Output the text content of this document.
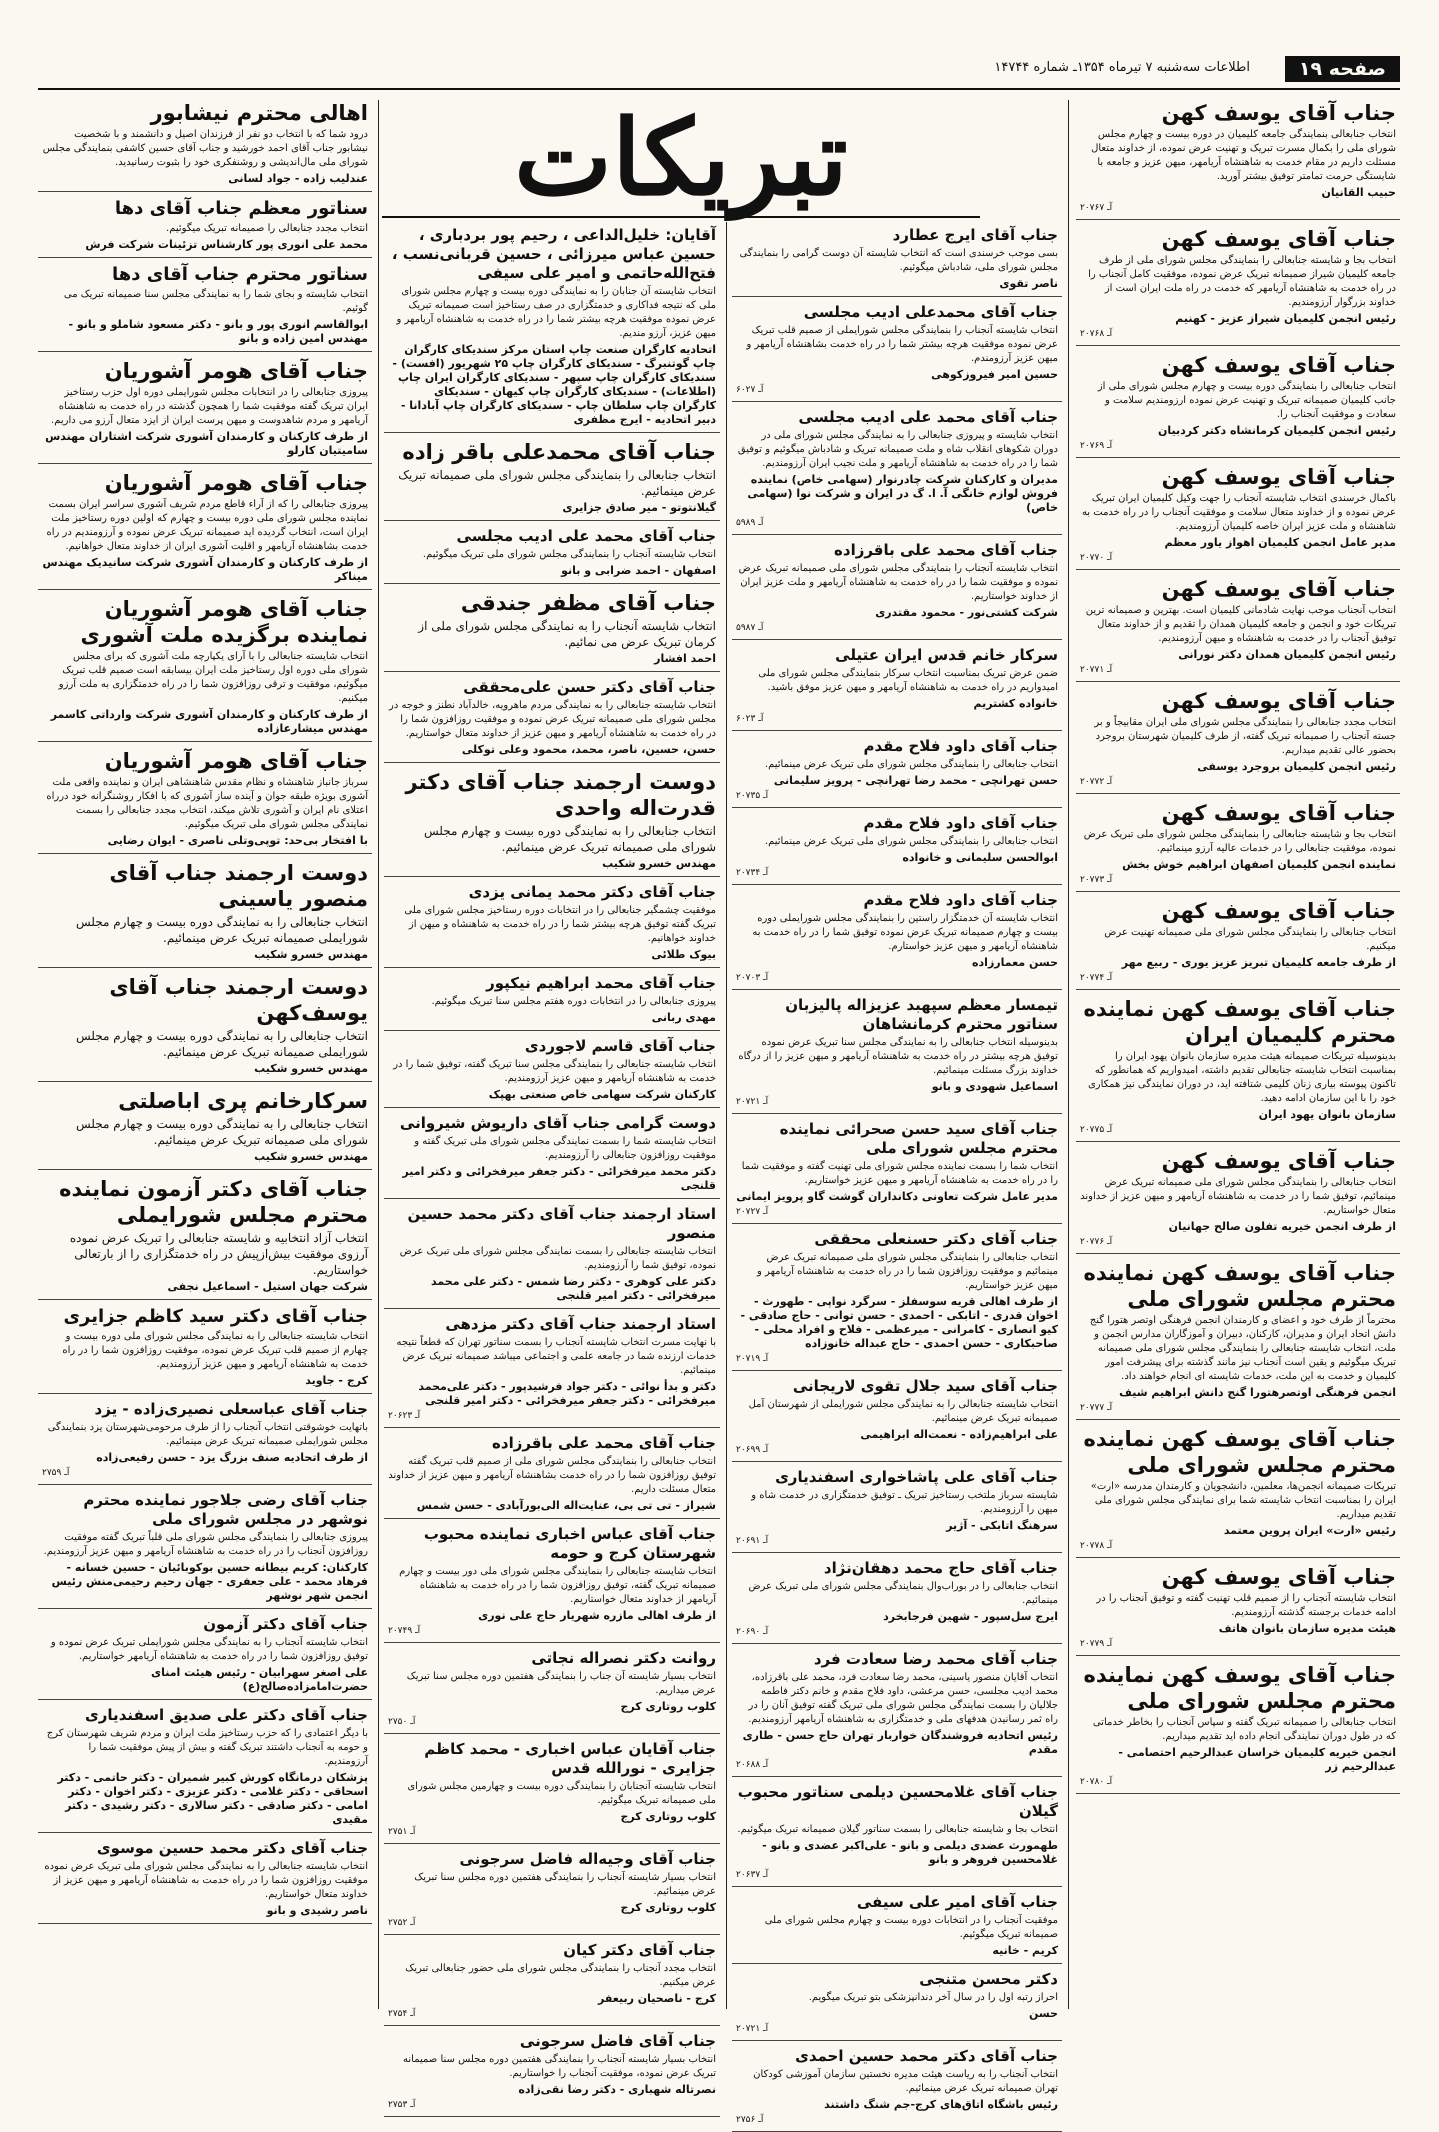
صفحه ۱۹
اطلاعات سه‌شنبه ۷ تیرماه ۱۳۵۴ـ شماره ۱۴۷۴۴
تبریکات	جناب آقای یوسف کهن

انتخاب جنابعالی بنمایندگی جامعه کلیمیان در دوره بیست و چهارم مجلس شورای ملی را بکمال مسرت تبریک و تهنیت عرض نموده، از خداوند متعال مسئلت داریم در مقام خدمت به شاهنشاه آریامهر، میهن عزیز و جامعه با شایستگی حرمت تمامتر توفیق بیشتر آورید.

حبیب القانیان
آـ ۲۰۷۶۷
جناب آقای یوسف کهن

انتخاب بجا و شایسته جنابعالی را بنمایندگی مجلس شورای ملی از طرف جامعه کلیمیان شیراز صمیمانه تبریک عرض نموده، موفقیت کامل آنجناب را در راه خدمت به شاهنشاه آریامهر که خدمت در راه ملت ایران است از خداوند بزرگوار آرزومندیم.

رئیس انجمن کلیمیان شیراز عزیز - کهنیم
آـ ۲۰۷۶۸
جناب آقای یوسف کهن

انتخاب جنابعالی را بنمایندگی دوره بیست و چهارم مجلس شورای ملی از جانب کلیمیان صمیمانه تبریک و تهنیت عرض نموده ارزومندیم سلامت و سعادت و موفقیت آنجناب را.

رئیس انجمن کلیمیان کرمانشاه دکتر کردبیان
آـ ۲۰۷۶۹
جناب آقای یوسف کهن

باکمال خرسندی انتخاب شایسته آنجناب را جهت وکیل کلیمیان ایران تبریک عرض نموده و از خداوند متعال سلامت و موفقیت آنجناب را در راه خدمت به شاهنشاه و ملت عزیز ایران خاصه کلیمیان آرزومندیم.

مدیر عامل انجمن کلیمیان اهواز یاور معظم
آـ ۲۰۷۷۰
جناب آقای یوسف کهن

انتخاب آنجناب موجب نهایت شادمانی کلیمیان است. بهترین و صمیمانه ترین تبریکات خود و انجمن و جامعه کلیمیان همدان را تقدیم و از خداوند متعال توفیق آنجناب را در خدمت به شاهنشاه و میهن آرزومندیم.

رئیس انجمن کلیمیان همدان دکتر نورانی
آـ ۲۰۷۷۱
جناب آقای یوسف کهن

انتخاب مجدد جنابعالی را بنمایندگی مجلس شورای ملی ایران مقابیجاً و بر جسته آنجناب را صمیمانه تبریک گفته، از طرف کلیمیان شهرستان بروجرد بحضور عالی تقدیم میداریم.

رئیس انجمن کلیمیان بروجرد یوسفی
آـ ۲۰۷۷۲
جناب آقای یوسف کهن

انتخاب بجا و شایسته جنابعالی را بنمایندگی مجلس شورای ملی تبریک عرض نموده، موفقیت جنابعالی را در خدمات عالیه آرزو مینمائیم.

نماینده انجمن کلیمیان اصفهان ابراهیم خوش بخش
آـ ۲۰۷۷۳
جناب آقای یوسف کهن

انتخاب جنابعالی را بنمایندگی مجلس شورای ملی صمیمانه تهنیت عرض میکنیم.

از طرف جامعه کلیمیان تبریز عزیز یوری - ربیع مهر
آـ ۲۰۷۷۴
جناب آقای یوسف کهن نماینده محترم کلیمیان ایران

بدینوسیله تبریکات صمیمانه هیئت مدیره سازمان بانوان یهود ایران را بمناسبت انتخاب شایسته جنابعالی تقدیم داشته، امیدواریم که همانطور که تاکنون پیوسته بیاری زنان کلیمی شتافته اید، در دوران نمایندگی نیز همکاری خود را با این سازمان ادامه دهید.

سازمان بانوان یهود ایران
آـ ۲۰۷۷۵
جناب آقای یوسف کهن

انتخاب جنابعالی را بنمایندگی مجلس شورای ملی صمیمانه تبریک عرض مینمائیم، توفیق شما را در خدمت به شاهنشاه آریامهر و میهن عزیز از خداوند متعال خواستاریم.

از طرف انجمن خیریه تفلون صالح جهانیان
آـ ۲۰۷۷۶
جناب آقای یوسف کهن نماینده محترم مجلس شورای ملی

محترماً از طرف خود و اعضای و کارمندان انجمن فرهنگی اوتصر هتورا گنج دانش اتحاد ایران و مدیران، کارکنان، دبیران و آموزگاران مدارس انجمن و ملت، انتخاب شایسته جنابعالی را بنمایندگی مجلس شورای ملی صمیمانه تبریک میگوئیم و یقین است آنجناب نیز مانند گذشته برای پیشرفت امور کلیمیان و خدمت به این ملت، خدمات شایسته ای انجام خواهند داد.

انجمن فرهنگی اوتصرهتورا گنج دانش ابراهیم شیف
آـ ۲۰۷۷۷
جناب آقای یوسف کهن نماینده محترم مجلس شورای ملی

تبریکات صمیمانه انجمن‌ها، معلمین، دانشجویان و کارمندان مدرسه «ارت» ایران را بمناسبت انتخاب شایسته شما برای نمایندگی مجلس شورای ملی تقدیم میداریم.

رئیس «ارت» ایران پروین معتمد
آـ ۲۰۷۷۸
جناب آقای یوسف کهن

انتخاب شایسته آنجناب را از صمیم قلب تهنیت گفته و توفیق آنجناب را در ادامه خدمات برجسته گذشته آرزومندیم.

هیئت مدیره سازمان بانوان هاتف
آـ ۲۰۷۷۹
جناب آقای یوسف کهن نماینده محترم مجلس شورای ملی

انتخاب جنابعالی را صمیمانه تبریک گفته و سپاس آنجناب را بخاطر خدماتی که در طول دوران نمایندگی انجام داده اید تقدیم میداریم.

انجمن خیریه کلیمیان خراسان عبدالرحیم احتصامی - عبدالرحیم زر
آـ ۲۰۷۸۰
جناب آقای ایرج عطارد

بسی موجب خرسندی است که انتخاب شایسته آن دوست گرامی را بنمایندگی مجلس شورای ملی، شادباش میگوئیم.

ناصر تقوی
جناب آقای محمدعلی ادیب مجلسی

انتخاب شایسته آنجناب را بنمایندگی مجلس شورایملی از صمیم قلب تبریک عرض نموده موفقیت هرچه بیشتر شما را در راه خدمت بشاهنشاه آریامهر و میهن عزیز آرزومندم.

حسین امیر فیروزکوهی
آـ ۶۰۲۷
جناب آقای محمد علی ادیب مجلسی

انتخاب شایسته و پیروزی جنابعالی را به نمایندگی مجلس شورای ملی در دوران شکوهای انقلاب شاه و ملت صمیمانه تبریک و شادباش میگوئیم و توفیق شما را در راه خدمت به شاهنشاه آریامهر و ملت نجیب ایران آرزومندیم.

مدیران و کارکنان شرکت چادرنوار (سهامی خاص) نماینده فروش لوازم خانگی آ. ا. گ در ایران و شرکت نوا (سهامی خاص)
آـ ۵۹۸۹
جناب آقای محمد علی باقرزاده

انتخاب شایسته آنجناب را بنمایندگی مجلس شورای ملی صمیمانه تبریک عرض نموده و موفقیت شما را در راه خدمت به شاهنشاه آریامهر و ملت عزیز ایران از خداوند خواستاریم.

شرکت کشتی‌نور - محمود مقتدری
آـ ۵۹۸۷
سرکار خانم قدس ایران عتیلی

ضمن عرض تبریک بمناسبت انتخاب سرکار بنمایندگی مجلس شورای ملی امیدواریم در راه خدمت به شاهنشاه آریامهر و میهن عزیز موفق باشید.

خانواده کشتریم
آـ ۶۰۲۳
جناب آقای داود فلاح مقدم

انتخاب جنابعالی را بنمایندگی مجلس شورای ملی تبریک عرض مینمائیم.

حسن تهرانچی - محمد رضا تهرانچی - پرویز سلیمانی
آـ ۲۰۷۳۵
جناب آقای داود فلاح مقدم

انتخاب جنابعالی را بنمایندگی مجلس شورای ملی تبریک عرض مینمائیم.

ابوالحسن سلیمانی و خانواده
آـ ۲۰۷۳۴
جناب آقای داود فلاح مقدم

انتخاب شایسته آن خدمتگزار راستین را بنمایندگی مجلس شورایملی دوره بیست و چهارم صمیمانه تبریک عرض نموده توفیق شما را در راه خدمت به شاهنشاه آریامهر و میهن عزیز خواستارم.

حسن معمارزاده
آـ ۲۰۷۰۳
تیمسار معظم سپهبد عزیزاله پالیزبان سناتور محترم کرمانشاهان

بدینوسیله انتخاب جنابعالی را به نمایندگی مجلس سنا تبریک عرض نموده توفیق هرچه بیشتر در راه خدمت به شاهنشاه آریامهر و میهن عزیز را از درگاه خداوند بزرگ مسئلت مینمائیم.

اسماعیل شهودی و بانو
آـ ۲۰۷۲۱
جناب آقای سید حسن صحرائی نماینده محترم مجلس شورای ملی

انتخاب شما را بسمت نماینده مجلس شورای ملی تهنیت گفته و موفقیت شما را در راه خدمت به شاهنشاه آریامهر و میهن عزیز خواستاریم.

مدیر عامل شرکت تعاونی دکانداران گوشت گاو پرویز ایمانی
آـ ۲۰۷۲۷
جناب آقای دکتر حسنعلی محققی

انتخاب جنابعالی را بنمایندگی مجلس شورای ملی صمیمانه تبریک عرض مینمائیم و موفقیت روزافزون شما را در راه خدمت به شاهنشاه آریامهر و میهن عزیز خواستاریم.

از طرف اهالی قریه سوسفلز - سرگرد نواپی - طهورث - اخوان قدری - اتابکی - احمدی - حسن توانی - حاج صادقی - کیو انصاری - کامرانی - میرعظمی - فلاح و افراد محلی - صاحبکاری - حسن احمدی - حاج عبداله خانوزاده
آـ ۲۰۷۱۹
جناب آقای سید جلال تقوی لاریجانی

انتخاب شایسته جنابعالی را به نمایندگی مجلس شورایملی از شهرستان آمل صمیمانه تبریک عرض مینمائیم.

علی ابراهیم‌زاده - نعمت‌اله ابراهیمی
آـ ۲۰۶۹۹
جناب آقای علی پاشاخواری اسفندیاری

شایسته سرباز ملتخب رستاخیز تبریک ـ توفیق خدمتگزاری در خدمت شاه و میهن را آرزومندیم.

سرهنگ اتابکی - آژیر
آـ ۲۰۶۹۱
جناب آقای حاج محمد دهقان‌نژاد

انتخاب جنابعالی را در بوراب‌وال بنمایندگی مجلس شورای ملی تبریک عرض مینمائیم.

ایرج سل‌سپور - شهین فرجابخرد
آـ ۲۰۶۹۰
جناب آقای محمد رضا سعادت فرد

انتخاب آقایان منصور یاسینی، محمد رضا سعادت فرد، محمد علی باقرزاده، محمد ادیب مجلسی، حسن مرعشی، داود فلاح مقدم و خانم دکتر فاطمه جلالیان را بسمت نمایندگی مجلس شورای ملی تبریک گفته توفیق آنان را در راه ثمر رسانیدن هدفهای ملی و خدمتگزاری به شاهنشاه آریامهر آرزومندیم.

رئیس اتحادیه فروشندگان خواربار تهران حاج حسن - طاری مقدم
آـ ۲۰۶۸۸
جناب آقای غلامحسین دیلمی سناتور محبوب گیلان

انتخاب بجا و شایسته جنابعالی را بسمت سناتور گیلان صمیمانه تبریک میگوئیم.

طهمورث عضدی دیلمی و بانو - علی‌اکبر عضدی و بانو - غلامحسین فروهر و بانو
آـ ۲۰۶۳۷
جناب آقای امیر علی سیفی

موفقیت آنجناب را در انتخابات دوره بیست و چهارم مجلس شورای ملی صمیمانه تبریک میگوئیم.

کریم - خانیه
دکتر محسن متنجی

احراز رتبه اول را در سال آخر دندانپزشکی بتو تبریک میگویم.

حسن
آـ ۲۰۷۲۱
جناب آقای دکتر محمد حسین احمدی

انتخاب آنجناب را به ریاست هیئت مدیره نخستین سازمان آموزشی کودکان تهران صمیمانه تبریک عرض مینمائیم.

رئیس باشگاه اتاق‌های کرج-جم شنگ داشتند
آـ ۲۷۵۶
آقایان: خلیل‌الداعی ، رحیم پور بردباری ، حسین عباس میرزائی ، حسین قربانی‌نسب ، فتح‌الله‌حاتمی و امیر علی سیفی

انتخاب شایسته آن جنابان را به نمایندگی دوره بیست و چهارم مجلس شورای ملی که نتیجه فداکاری و خدمتگزاری در صف رستاخیز است صمیمانه تبریک عرض نموده موفقیت هرچه بیشتر شما را در راه خدمت به شاهنشاه آریامهر و میهن عزیز، آرزو مندیم.

اتحادیه کارگران صنعت چاپ استان مرکز سندیکای کارگران چاپ گوتنبرگ - سندیکای کارگران چاپ ۲۵ شهریور (افست) - سندیکای کارگران چاپ سپهر - سندیکای کارگران ایران چاپ (اطلاعات) - سندیکای کارگران چاپ کیهان - سندیکای کارگران چاپ سلطان چاپ - سندیکای کارگران چاپ آبادانا - دبیر اتحادیه - ایرج مظفری
جناب آقای محمدعلی باقر زاده

انتخاب جنابعالی را بنمایندگی مجلس شورای ملی صمیمانه تبریک عرض مینمائیم.

گیلانتوتو - میر صادق جزایری
جناب آقای محمد علی ادیب مجلسی

انتخاب شایسته آنجناب را بنمایندگی مجلس شورای ملی تبریک میگوئیم.

اصفهان - احمد ضرابی و بانو
جناب آقای مظفر جندقی

انتخاب شایسته آنجناب را به نمایندگی مجلس شورای ملی از کرمان تبریک عرض می نمائیم.

احمد افشار
جناب آقای دکتر حسن علی‌محققی

انتخاب شایسته جنابعالی را به نمایندگی مردم ماهرویه، خالدآباد نطنز و خوجه در مجلس شورای ملی صمیمانه تبریک عرض نموده و موفقیت روزافزون شما را در راه خدمت به شاهنشاه آریامهر و میهن عزیز از خداوند متعال خواستاریم.

حسن، حسین، ناصر، محمد، محمود وعلی توکلی
دوست ارجمند جناب آقای دکتر قدرت‌اله واحدی

انتخاب جنابعالی را به نمایندگی دوره بیست و چهارم مجلس شورای ملی صمیمانه تبریک عرض مینمائیم.

مهندس خسرو شکیب
جناب آقای دکتر محمد یمانی یزدی

موفقیت چشمگیر جنابعالی را در انتخابات دوره رستاخیز مجلس شورای ملی تبریک گفته توفیق هرچه بیشتر شما را در راه خدمت به شاهنشاه و میهن از خداوند خواهانیم.

بیوک طلائی
جناب آقای محمد ابراهیم نیکپور

پیروزی جنابعالی را در انتخابات دوره هفتم مجلس سنا تبریک میگوئیم.

مهدی ربانی
جناب آقای قاسم لاجوردی

انتخاب شایسته جنابعالی را بنمایندگی مجلس سنا تبریک گفته، توفیق شما را در خدمت به شاهنشاه آریامهر و میهن عزیز آرزومندیم.

کارکنان شرکت سهامی خاص صنعتی بهپک
دوست گرامی جناب آقای داریوش شیروانی

انتخاب شایسته شما را بسمت نمایندگی مجلس شورای ملی تبریک گفته و موفقیت روزافزون جنابعالی را آرزومندیم.

دکتر محمد میرفخرائی - دکتر جعفر میرفخرائی و دکتر امیر قلنجی
استاد ارجمند جناب آقای دکتر محمد حسین منصور

انتخاب شایسته جنابعالی را بسمت نمایندگی مجلس شورای ملی تبریک عرض نموده، توفیق شما را آرزومندیم.

دکتر علی کوهری - دکتر رضا شمس - دکتر علی محمد میرفخرائی - دکتر امیر قلنجی
استاد ارجمند جناب آقای دکتر مزدهی

با نهایت مسرت انتخاب شایسته آنجناب را بسمت سناتور تهران که قطعاً نتیجه خدمات ارزنده شما در جامعه علمی و اجتماعی میباشد صمیمانه تبریک عرض مینمائیم.

دکتر و بدأ نوائی - دکتر جواد فرشیدپور - دکتر علی‌محمد میرفخرائی - دکتر جعفر میرفخرائی - دکتر امیر قلنجی
آـ ۲۰۶۲۳
جناب آقای محمد علی باقرزاده

انتخاب جنابعالی را بنمایندگی مجلس شورای ملی از صمیم قلب تبریک گفته توفیق روزافزون شما را در راه خدمت بشاهنشاه آریامهر و میهن عزیز از خداوند متعال مسئلت داریم.

شیراز - تی تی بی، عنایت‌اله‌ الی‌بورآبادی - حسن شمس
جناب آقای عباس اخباری نماینده محبوب شهرستان کرج و حومه

انتخاب شایسته جنابعالی را بنمایندگی مجلس شورای ملی دور بیست و چهارم صمیمانه تبریک گفته، توفیق روزافزون شما را در راه خدمت به شاهنشاه آریامهر از خداوند متعال خواستاریم.

از طرف اهالی مازره شهریار حاج علی نوری
آـ ۲۰۷۴۹
روانت دکتر نصراله نجاتی

انتخاب بسیار شایسته آن جناب را بنمایندگی هفتمین دوره مجلس سنا تبریک عرض میداریم.

کلوب روتاری کرج
آـ ۲۷۵۰
جناب آقایان عباس اخباری - محمد کاظم جزایری - نورالله قدس

انتخاب شایسته آنجنابان را بنمایندگی دوره بیست و چهارمین مجلس شورای ملی صمیمانه تبریک میگوئیم.

کلوب روتاری کرج
آـ ۲۷۵۱
جناب آقای وجیه‌اله فاضل سرجونی

انتخاب بسیار شایسته آنجناب را بنمایندگی هفتمین دوره مجلس سنا تبریک عرض مینمائیم.

کلوب روتاری کرج
آـ ۲۷۵۲
جناب آقای دکتر کیان

انتخاب مجدد آنجناب را بنمایندگی مجلس شورای ملی حضور جنابعالی تبریک عرض میکنیم.

کرج - ناصحیان ربیعفر
آـ ۲۷۵۴
جناب آقای فاضل سرجونی

انتخاب بسیار شایسته آنجناب را بنمایندگی هفتمین دوره مجلس سنا صمیمانه تبریک عرض نموده، موفقیت آنجناب را خواستاریم.

نصرتاله شهباری - دکتر رضا نقی‌زاده
آـ ۲۷۵۳
اهالی محترم نیشابور

درود شما که با انتخاب دو نفر از فرزندان اصیل و دانشمند و با شخصیت نیشابور جناب آقای احمد خورشید و جناب آقای حسین کاشفی بنمایندگی مجلس شورای ملی مال‌اندیشی و روشنفکری خود را بثبوت رسانیدید.

عندلیب زاده - جواد لسانی
سناتور معظم جناب آقای دها

انتخاب مجدد جنابعالی را صمیمانه تبریک میگوئیم.

محمد علی انوری پور کارشناس تزئینات شرکت فرش
سناتور محترم جناب آقای دها

انتخاب شایسته و بجای شما را به نمایندگی مجلس سنا صمیمانه تبریک می گوئیم.

ابوالقاسم انوری پور و بانو - دکتر مسعود شاملو و بانو - مهندس امین زاده و بانو
جناب آقای هومر آشوریان

پیروزی جنابعالی را در انتخابات مجلس شورایملی دوره اول حزب رستاخیز ایران تبریک گفته موفقیت شما را همچون گذشته در راه خدمت به شاهنشاه آریامهر و مردم شاهدوست و میهن پرست ایران از ایزد متعال آرزو می داریم.

از طرف کارکنان و کارمندان آشوری شرکت اشتاران مهندس سامیتیان کارلو
جناب آقای هومر آشوریان

پیروزی جنابعالی را که از آراء قاطع مردم شریف آشوری سراسر ایران بسمت نماینده مجلس شورای ملی دوره بیست و چهارم که اولین دوره رستاخیز ملت ایران است، انتخاب گردیده اید صمیمانه تبریک عرض نموده و آرزومندیم در راه خدمت بشاهنشاه آریامهر و اقلیت آشوری ایران از خداوند متعال خواهانیم.

از طرف کارکنان و کارمندان آشوری شرکت سانیدیک مهندس میناکر
جناب آقای هومر آشوریان نماینده برگزیده ملت آشوری

انتخاب شایسته جنابعالی را با آرای یکپارچه ملت آشوری که برای مجلس شورای ملی دوره اول رستاخیز ملت ایران بیسابقه است صمیم قلب تبریک میگوئیم، موفقیت و ترقی روزافزون شما را در راه خدمتگزاری به ملت آرزو میکنیم.

از طرف کارکنان و کارمندان آشوری شرکت وارداتی کاسمر مهندس میشارعازاده
جناب آقای هومر آشوریان

سرباز جانباز شاهنشاه و نظام مقدس شاهنشاهی ایران و نماینده واقعی ملت آشوری بویژه طبقه جوان و آینده ساز آشوری که با افکار روشنگرانه خود درراه اعتلای نام ایران و آشوری تلاش میکند، انتخاب مجدد جنابعالی را بسمت نمایندگی مجلس شورای ملی تبریک میگوئیم.

با افتخار بی‌حد: توپی‌وتلی ناصری - ایوان رضایی
دوست ارجمند جناب آقای منصور یاسینی

انتخاب جنابعالی را به نمایندگی دوره بیست و چهارم مجلس شورایملی صمیمانه تبریک عرض مینمائیم.

مهندس خسرو شکیب
دوست ارجمند جناب آقای یوسف‌کهن

انتخاب جنابعالی را به نمایندگی دوره بیست و چهارم مجلس شورایملی صمیمانه تبریک عرض مینمائیم.

مهندس خسرو شکیب
سرکارخانم پری اباصلتی

انتخاب جنابعالی را به نمایندگی دوره بیست و چهارم مجلس شورای ملی صمیمانه تبریک عرض مینمائیم.

مهندس خسرو شکیب
جناب آقای دکتر آزمون نماینده محترم مجلس شورایملی

انتخاب آزاد انتخابیه و شایسته جنابعالی را تبریک عرض نموده آرزوی موفقیت بیش‌ازپیش در راه خدمتگزاری را از بارتعالی خواستاریم.

شرکت جهان استیل - اسماعیل نجفی
جناب آقای دکتر سید کاظم جزایری

انتخاب شایسته جنابعالی را به نمایندگی مجلس شورای ملی دوره بیست و چهارم از صمیم قلب تبریک عرض نموده، موفقیت روزافزون شما را در راه خدمت به شاهنشاه آریامهر و میهن عزیز آرزومندیم.

کرج - جاوید
جناب آقای عباسعلی نصیری‌زاده - یزد

باتهایت خوشوقتی انتخاب آنجناب را از طرف مرحومی‌شهرستان یزد بنمایندگی مجلس شورایملی صمیمانه تبریک عرض مینمائیم.

از طرف اتحادیه صنف بزرگ یزد - حسن رفیعی‌زاده
آـ ۲۷۵۹
جناب آقای رضی جلاجور نماینده محترم نوشهر در مجلس شورای ملی

پیروزی جنابعالی را بنمایندگی مجلس شورای ملی قلباً تبریک گفته موفقیت روزافزون آنجناب را در راه خدمت به شاهنشاه آریامهر و میهن عزیز آرزومندیم.

کارکنان: کریم بیطانه حسین بوکوبائیان - حسین خسانه - فرهاد محمد - علی جعفری - جهان رحیم رحیمی‌منش رئیس انجمن شهر نوشهر
جناب آقای دکتر آزمون

انتخاب شایسته آنجناب را به نمایندگی مجلس شورایملی تبریک عرض نموده و توفیق روزافزون شما را در راه خدمت به شاهنشاه آریامهر خواستاریم.

علی اصغر سهرابیان - رئیس هیئت امنای حضرت‌امامزاده‌صالح(ع)
جناب آقای دکتر علی صدیق اسفندیاری

با دیگر اعتمادی را که حزب رستاخیز ملت ایران و مردم شریف شهرستان کرج و حومه به آنجناب داشتند تبریک گفته و بیش از پیش موفقیت شما را آرزومندیم.

پزشکان درمانگاه کورش کبیر شمیران - دکتر حاتمی - دکتر اسحاقی - دکتر غلامی - دکتر عزیزی - دکتر اخوان - دکتر امامی - دکتر صادقی - دکتر سالاری - دکتر رشیدی - دکتر مقیدی
جناب آقای دکتر محمد حسین موسوی

انتخاب شایسته جنابعالی را به نمایندگی مجلس شورای ملی تبریک عرض نموده موفقیت روزافزون شما را در راه خدمت به شاهنشاه آریامهر و میهن عزیز از خداوند متعال خواستاریم.

ناصر رشیدی و بانو
